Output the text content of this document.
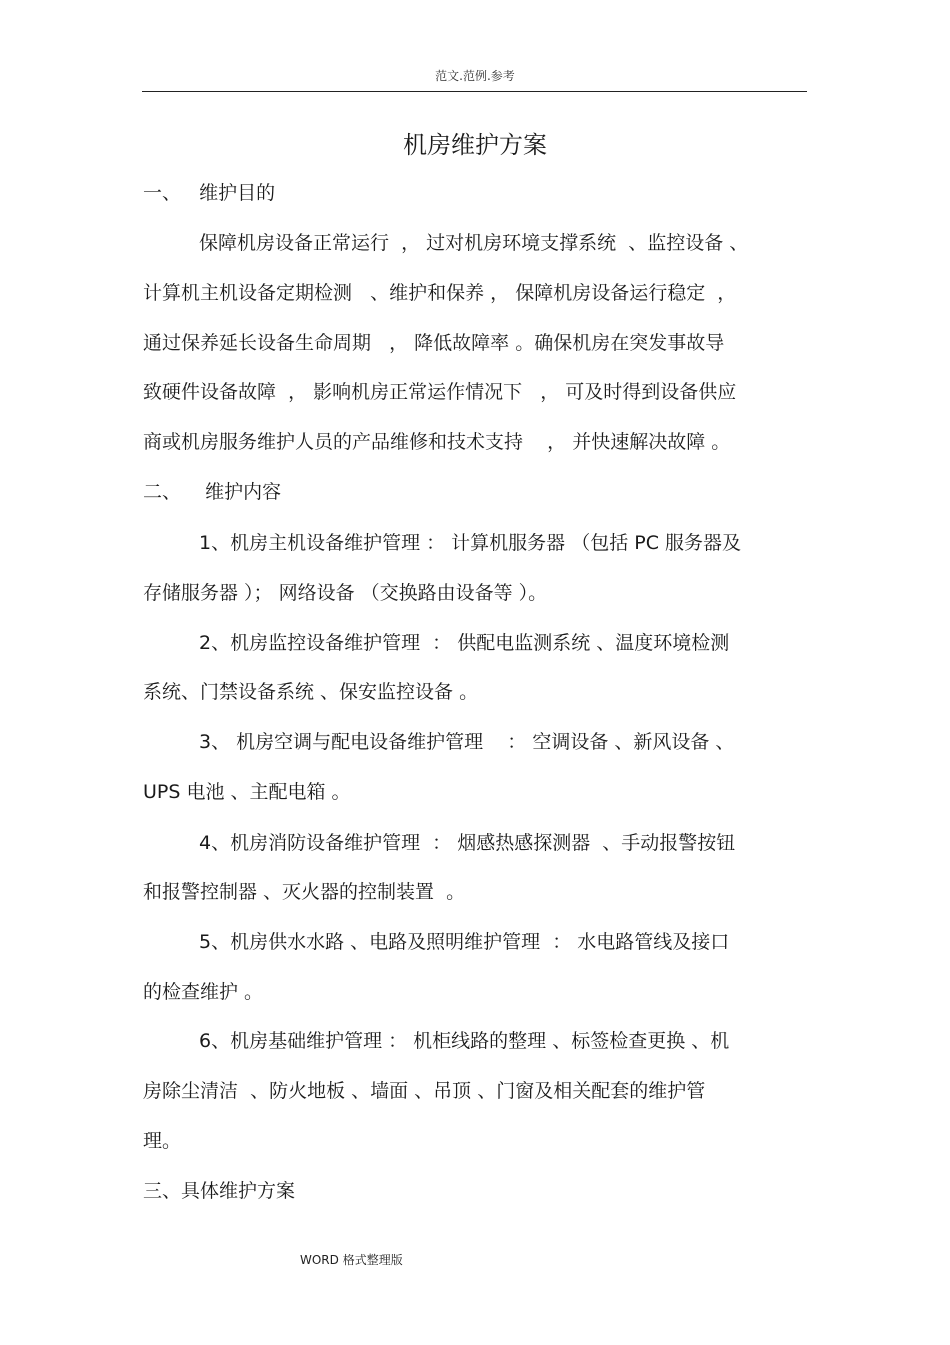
范文.范例.参考
机房维护方案
一、   维护目的
保障机房设备正常运行  ， 过对机房环境支撑系统  、监控设备 、
计算机主机设备定期检测   、维护和保养 ， 保障机房设备运行稳定  ，
通过保养延长设备生命周期   ， 降低故障率 。确保机房在突发事故导
致硬件设备故障  ， 影响机房正常运作情况下   ， 可及时得到设备供应
商或机房服务维护人员的产品维修和技术支持    ， 并快速解决故障 。
二、    维护内容
1、机房主机设备维护管理 ： 计算机服务器 （包括 PC 服务器及
存储服务器 ）； 网络设备 （交换路由设备等 ）。
2、机房监控设备维护管理  ： 供配电监测系统 、温度环境检测
系统、门禁设备系统 、保安监控设备 。
3、 机房空调与配电设备维护管理    ： 空调设备 、新风设备 、
UPS 电池 、主配电箱 。
4、机房消防设备维护管理  ： 烟感热感探测器  、手动报警按钮
和报警控制器 、灭火器的控制装置  。
5、机房供水水路 、电路及照明维护管理  ： 水电路管线及接口
的检查维护 。
6、机房基础维护管理 ： 机柜线路的整理 、标签检查更换 、机
房除尘清洁  、防火地板 、墙面 、吊顶 、门窗及相关配套的维护管
理。
三、具体维护方案
WORD 格式整理版
